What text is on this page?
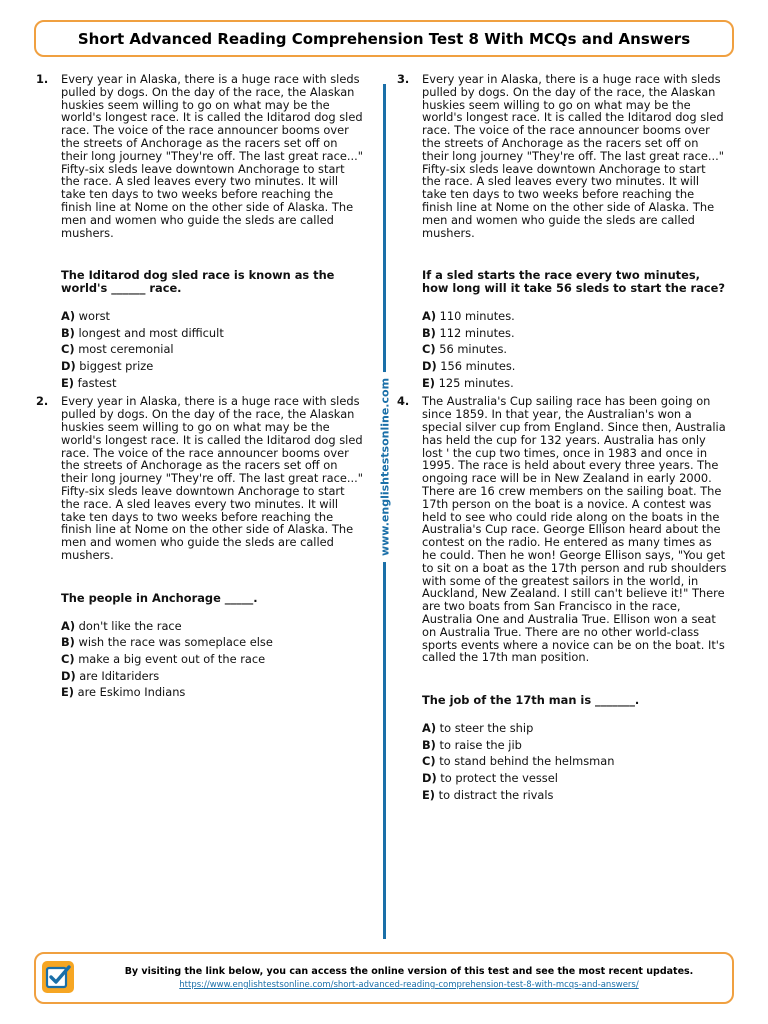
Short Advanced Reading Comprehension Test 8 With MCQs and Answers
1. Every year in Alaska, there is a huge race with sleds pulled by dogs. On the day of the race, the Alaskan huskies seem willing to go on what may be the world's longest race. It is called the Iditarod dog sled race. The voice of the race announcer booms over the streets of Anchorage as the racers set off on their long journey "They're off. The last great race..." Fifty-six sleds leave downtown Anchorage to start the race. A sled leaves every two minutes. It will take ten days to two weeks before reaching the finish line at Nome on the other side of Alaska. The men and women who guide the sleds are called mushers.

The Iditarod dog sled race is known as the world's ______ race.

A) worst
B) longest and most difficult
C) most ceremonial
D) biggest prize
E) fastest
2. Every year in Alaska, there is a huge race with sleds pulled by dogs. On the day of the race, the Alaskan huskies seem willing to go on what may be the world's longest race. It is called the Iditarod dog sled race. The voice of the race announcer booms over the streets of Anchorage as the racers set off on their long journey "They're off. The last great race..." Fifty-six sleds leave downtown Anchorage to start the race. A sled leaves every two minutes. It will take ten days to two weeks before reaching the finish line at Nome on the other side of Alaska. The men and women who guide the sleds are called mushers.

The people in Anchorage _____.

A) don't like the race
B) wish the race was someplace else
C) make a big event out of the race
D) are Iditariders
E) are Eskimo Indians
www.englishtestsonline.com
3. Every year in Alaska, there is a huge race with sleds pulled by dogs. On the day of the race, the Alaskan huskies seem willing to go on what may be the world's longest race. It is called the Iditarod dog sled race. The voice of the race announcer booms over the streets of Anchorage as the racers set off on their long journey "They're off. The last great race..." Fifty-six sleds leave downtown Anchorage to start the race. A sled leaves every two minutes. It will take ten days to two weeks before reaching the finish line at Nome on the other side of Alaska. The men and women who guide the sleds are called mushers.

If a sled starts the race every two minutes, how long will it take 56 sleds to start the race?

A) 110 minutes.
B) 112 minutes.
C) 56 minutes.
D) 156 minutes.
E) 125 minutes.
4. The Australia's Cup sailing race has been going on since 1859. In that year, the Australian's won a special silver cup from England. Since then, Australia has held the cup for 132 years. Australia has only lost ' the cup two times, once in 1983 and once in 1995. The race is held about every three years. The ongoing race will be in New Zealand in early 2000. There are 16 crew members on the sailing boat. The 17th person on the boat is a novice. A contest was held to see who could ride along on the boats in the Australia's Cup race. George Ellison heard about the contest on the radio. He entered as many times as he could. Then he won! George Ellison says, "You get to sit on a boat as the 17th person and rub shoulders with some of the greatest sailors in the world, in Auckland, New Zealand. I still can't believe it!" There are two boats from San Francisco in the race, Australia One and Australia True. Ellison won a seat on Australia True. There are no other world-class sports events where a novice can be on the boat. It's called the 17th man position.

The job of the 17th man is _______.

A) to steer the ship
B) to raise the jib
C) to stand behind the helmsman
D) to protect the vessel
E) to distract the rivals
By visiting the link below, you can access the online version of this test and see the most recent updates.
https://www.englishtestsonline.com/short-advanced-reading-comprehension-test-8-with-mcqs-and-answers/
